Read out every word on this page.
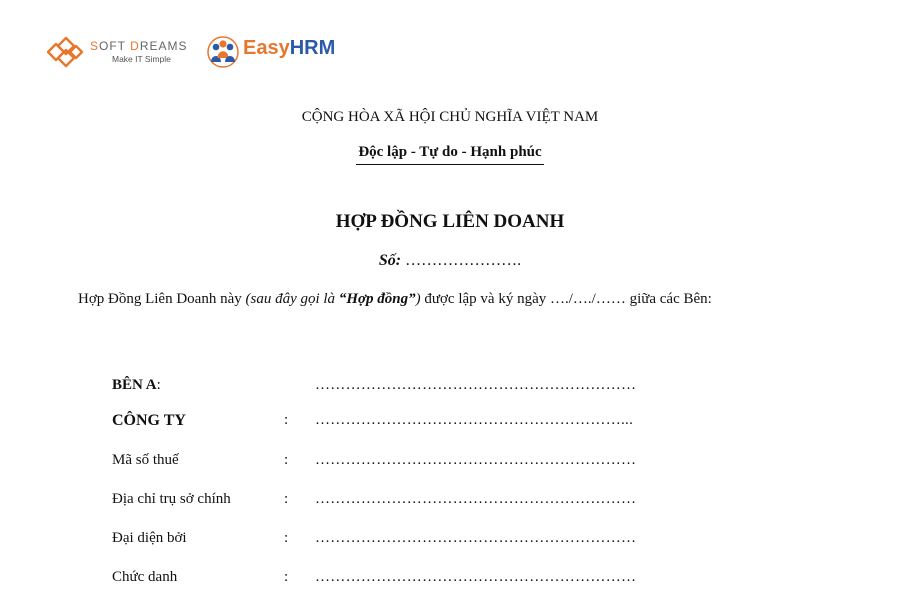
SOFT DREAMS
Make IT Simple	EasyHRM
CỘNG HÒA XÃ HỘI CHỦ NGHĨA VIỆT NAM
Độc lập - Tự do - Hạnh phúc
HỢP ĐỒNG LIÊN DOANH
Số: ………………….
Hợp Đồng Liên Doanh này (sau đây gọi là “Hợp đồng”) được lập và ký ngày …./…./…… giữa các Bên:
BÊN A:	………………………………………………………
CÔNG TY	: ……………………………………………………...
Mã số thuế	: ………………………………………………………
Địa chỉ trụ sở chính	: ………………………………………………………
Đại diện bởi	: ………………………………………………………
Chức danh	: ………………………………………………………
